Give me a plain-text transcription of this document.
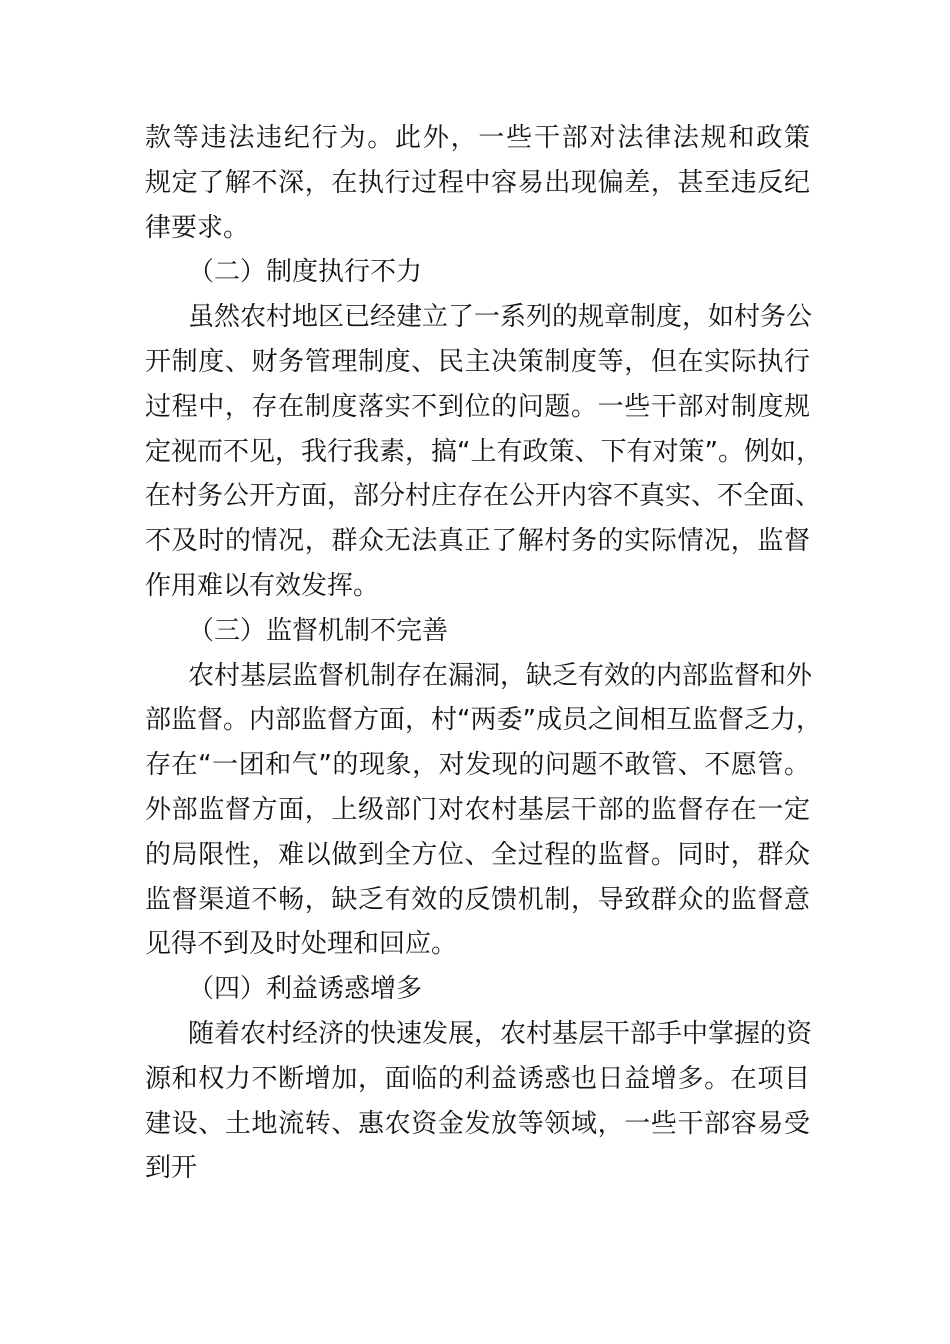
款等违法违纪行为。此外，一些干部对法律法规和政策
规定了解不深，在执行过程中容易出现偏差，甚至违反纪
律要求。
（二）制度执行不力
虽然农村地区已经建立了一系列的规章制度，如村务公
开制度、财务管理制度、民主决策制度等，但在实际执行
过程中，存在制度落实不到位的问题。一些干部对制度规
定视而不见，我行我素，搞“上有政策、下有对策”。例如，
在村务公开方面，部分村庄存在公开内容不真实、不全面、
不及时的情况，群众无法真正了解村务的实际情况，监督
作用难以有效发挥。
（三）监督机制不完善
农村基层监督机制存在漏洞，缺乏有效的内部监督和外
部监督。内部监督方面，村“两委”成员之间相互监督乏力，
存在“一团和气”的现象，对发现的问题不敢管、不愿管。
外部监督方面，上级部门对农村基层干部的监督存在一定
的局限性，难以做到全方位、全过程的监督。同时，群众
监督渠道不畅，缺乏有效的反馈机制，导致群众的监督意
见得不到及时处理和回应。
（四）利益诱惑增多
随着农村经济的快速发展，农村基层干部手中掌握的资
源和权力不断增加，面临的利益诱惑也日益增多。在项目
建设、土地流转、惠农资金发放等领域，一些干部容易受
到开
